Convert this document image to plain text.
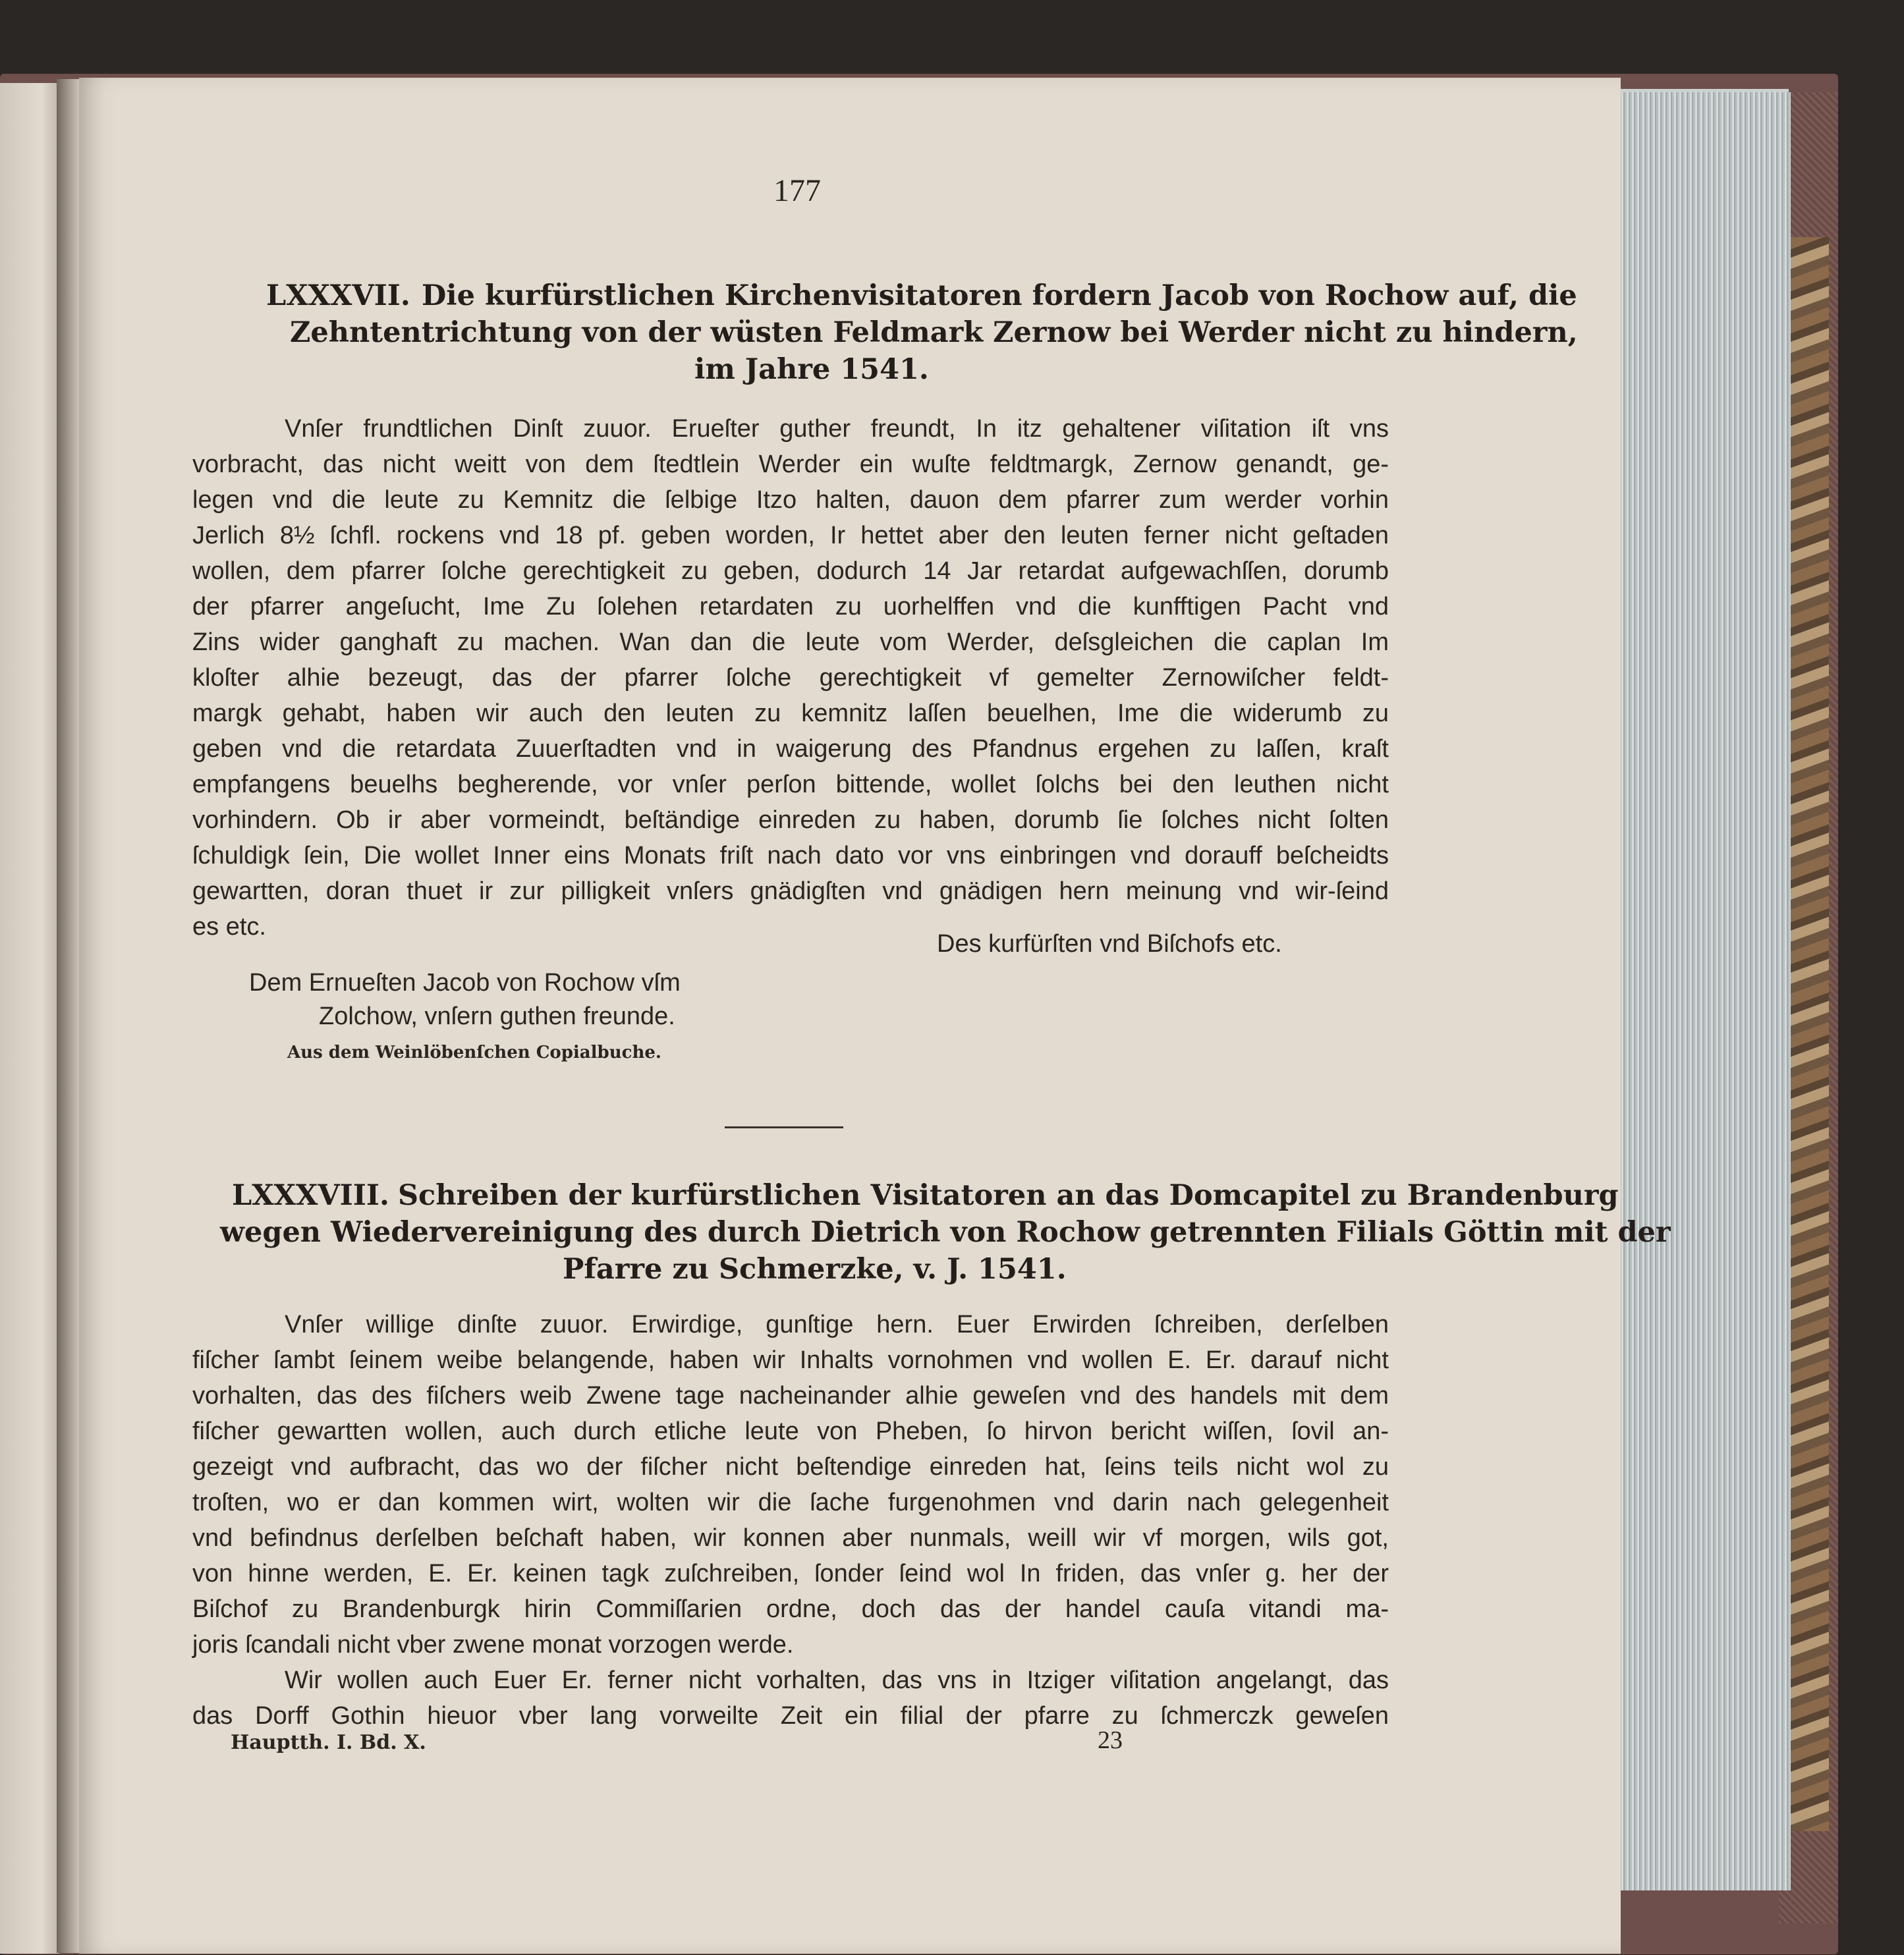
177
LXXXVII. Die kurfürstlichen Kirchenvisitatoren fordern Jacob von Rochow auf, die
Zehntentrichtung von der wüsten Feldmark Zernow bei Werder nicht zu hindern,
im Jahre 1541.
Vnſer frundtlichen Dinſt zuuor. Erueſter guther freundt, In itz gehaltener viſitation iſt vns
vorbracht, das nicht weitt von dem ſtedtlein Werder ein wuſte feldtmargk, Zernow genandt, ge-
legen vnd die leute zu Kemnitz die ſelbige Itzo halten, dauon dem pfarrer zum werder vorhin
Jerlich 8½ ſchfl. rockens vnd 18 pf. geben worden, Ir hettet aber den leuten ferner nicht geſtaden
wollen, dem pfarrer ſolche gerechtigkeit zu geben, dodurch 14 Jar retardat aufgewachſſen, dorumb
der pfarrer angeſucht, Ime Zu ſolehen retardaten zu uorhelffen vnd die kunfftigen Pacht vnd
Zins wider ganghaft zu machen. Wan dan die leute vom Werder, deſsgleichen die caplan Im
kloſter alhie bezeugt, das der pfarrer ſolche gerechtigkeit vf gemelter Zernowiſcher feldt-
margk gehabt, haben wir auch den leuten zu kemnitz laſſen beuelhen, Ime die widerumb zu
geben vnd die retardata Zuuerſtadten vnd in waigerung des Pfandnus ergehen zu laſſen, kraſt
empfangens beuelhs begherende, vor vnſer perſon bittende, wollet ſolchs bei den leuthen nicht
vorhindern. Ob ir aber vormeindt, beſtändige einreden zu haben, dorumb ſie ſolches nicht ſolten
ſchuldigk ſein, Die wollet Inner eins Monats friſt nach dato vor vns einbringen vnd dorauff beſcheidts
gewartten, doran thuet ir zur pilligkeit vnſers gnädigſten vnd gnädigen hern meinung vnd wir-ſeind
es etc.
Des kurfürſten vnd Biſchofs etc.
Dem Ernueſten Jacob von Rochow vſm
Zolchow, vnſern guthen freunde.
Aus dem Weinlöbenſchen Copialbuche.
LXXXVIII. Schreiben der kurfürstlichen Visitatoren an das Domcapitel zu Brandenburg
wegen Wiedervereinigung des durch Dietrich von Rochow getrennten Filials Göttin mit der
Pfarre zu Schmerzke, v. J. 1541.
Vnſer willige dinſte zuuor. Erwirdige, gunſtige hern. Euer Erwirden ſchreiben, derſelben
fiſcher ſambt ſeinem weibe belangende, haben wir Inhalts vornohmen vnd wollen E. Er. darauf nicht
vorhalten, das des fiſchers weib Zwene tage nacheinander alhie geweſen vnd des handels mit dem
fiſcher gewartten wollen, auch durch etliche leute von Pheben, ſo hirvon bericht wiſſen, ſovil an-
gezeigt vnd aufbracht, das wo der fiſcher nicht beſtendige einreden hat, ſeins teils nicht wol zu
troſten, wo er dan kommen wirt, wolten wir die ſache furgenohmen vnd darin nach gelegenheit
vnd befindnus derſelben beſchaft haben, wir konnen aber nunmals, weill wir vf morgen, wils got,
von hinne werden, E. Er. keinen tagk zuſchreiben, ſonder ſeind wol In friden, das vnſer g. her der
Biſchof zu Brandenburgk hirin Commiſſarien ordne, doch das der handel cauſa vitandi ma-
joris ſcandali nicht vber zwene monat vorzogen werde.
Wir wollen auch Euer Er. ferner nicht vorhalten, das vns in Itziger viſitation angelangt, das
das Dorff Gothin hieuor vber lang vorweilte Zeit ein filial der pfarre zu ſchmerczk geweſen
Hauptth. I. Bd. X.	23
